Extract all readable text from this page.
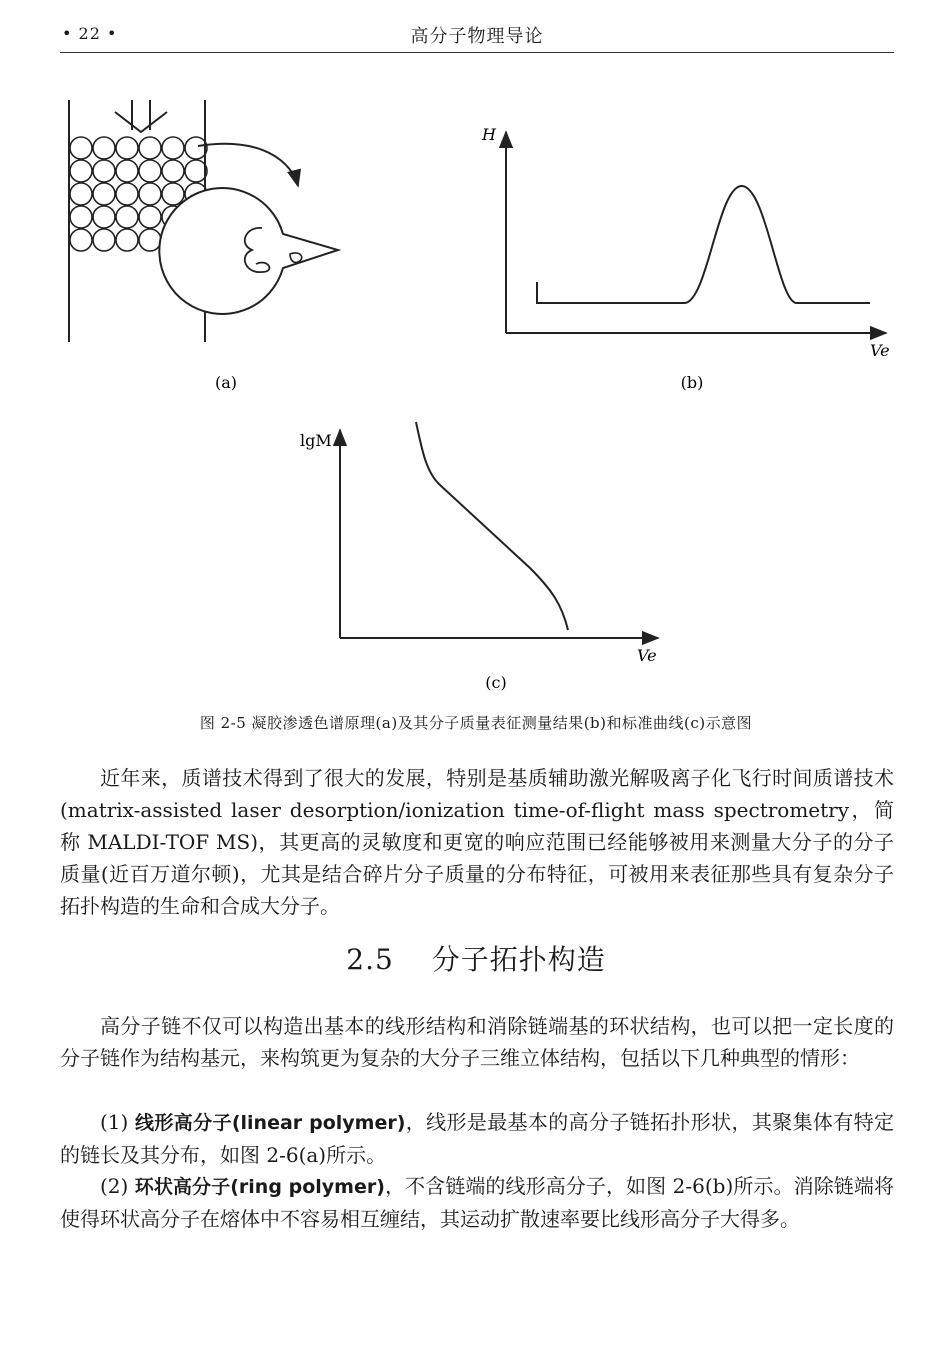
• 22 •	高分子物理导论
(a)
H
Ve
(b)
lgM
Ve
(c)
图 2-5 凝胶渗透色谱原理(a)及其分子质量表征测量结果(b)和标准曲线(c)示意图
近年来，质谱技术得到了很大的发展，特别是基质辅助激光解吸离子化飞行时间质谱技术(matrix-assisted laser desorption/ionization time-of-flight mass spectrometry，简称 MALDI-TOF MS)，其更高的灵敏度和更宽的响应范围已经能够被用来测量大分子的分子质量(近百万道尔顿)，尤其是结合碎片分子质量的分布特征，可被用来表征那些具有复杂分子拓扑构造的生命和合成大分子。
2.5 分子拓扑构造
高分子链不仅可以构造出基本的线形结构和消除链端基的环状结构，也可以把一定长度的分子链作为结构基元，来构筑更为复杂的大分子三维立体结构，包括以下几种典型的情形：
(1) 线形高分子(linear polymer)，线形是最基本的高分子链拓扑形状，其聚集体有特定的链长及其分布，如图 2-6(a)所示。
(2) 环状高分子(ring polymer)，不含链端的线形高分子，如图 2-6(b)所示。消除链端将使得环状高分子在熔体中不容易相互缠结，其运动扩散速率要比线形高分子大得多。
